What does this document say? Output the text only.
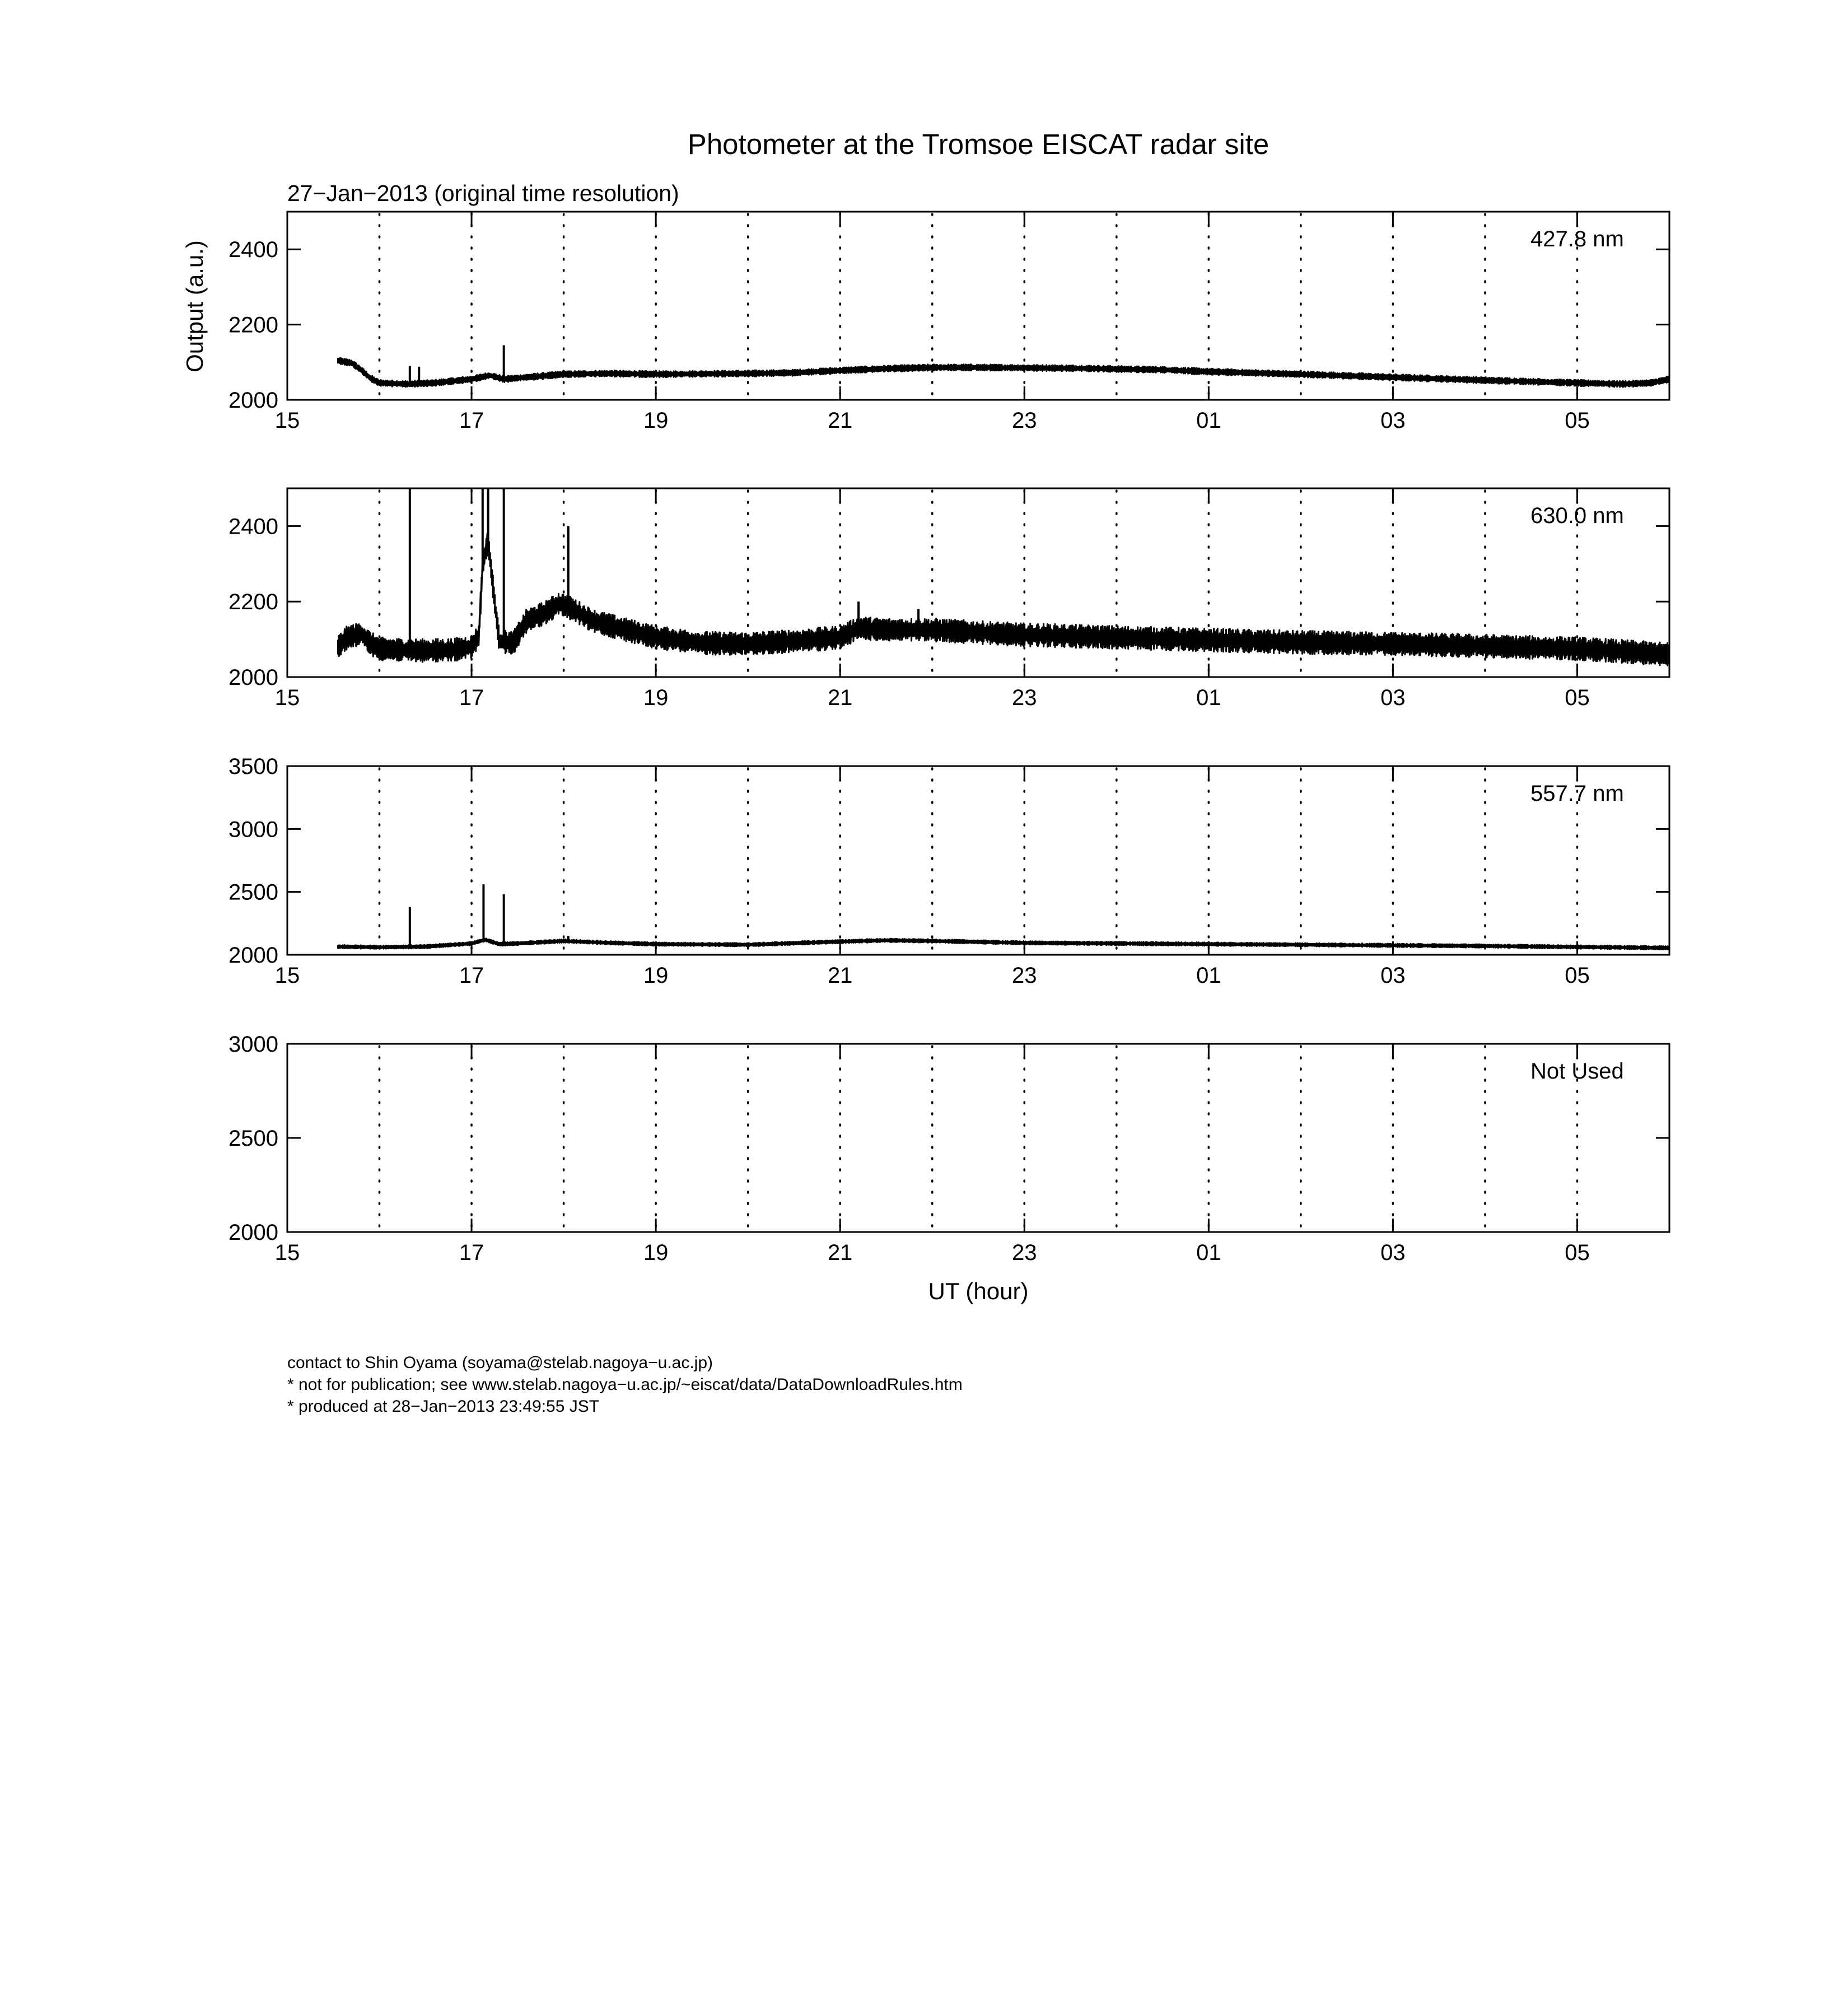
Photometer at the Tromsoe EISCAT radar site
27−Jan−2013 (original time resolution)
Output (a.u.)
UT (hour)
contact to Shin Oyama (soyama@stelab.nagoya−u.ac.jp)
* not for publication; see www.stelab.nagoya−u.ac.jp/~eiscat/data/DataDownloadRules.htm
* produced at 28−Jan−2013 23:49:55 JST
15	17	19	21	23	01	03	05
2000
2200
2400	427.8 nm
15	17	19	21	23	01	03	05
2000
2200
2400	630.0 nm
15	17	19	21	23	01	03	05
2000
2500
3000
3500
557.7 nm
15	17	19	21	23	01	03	05
2000
2500
3000
Not Used
